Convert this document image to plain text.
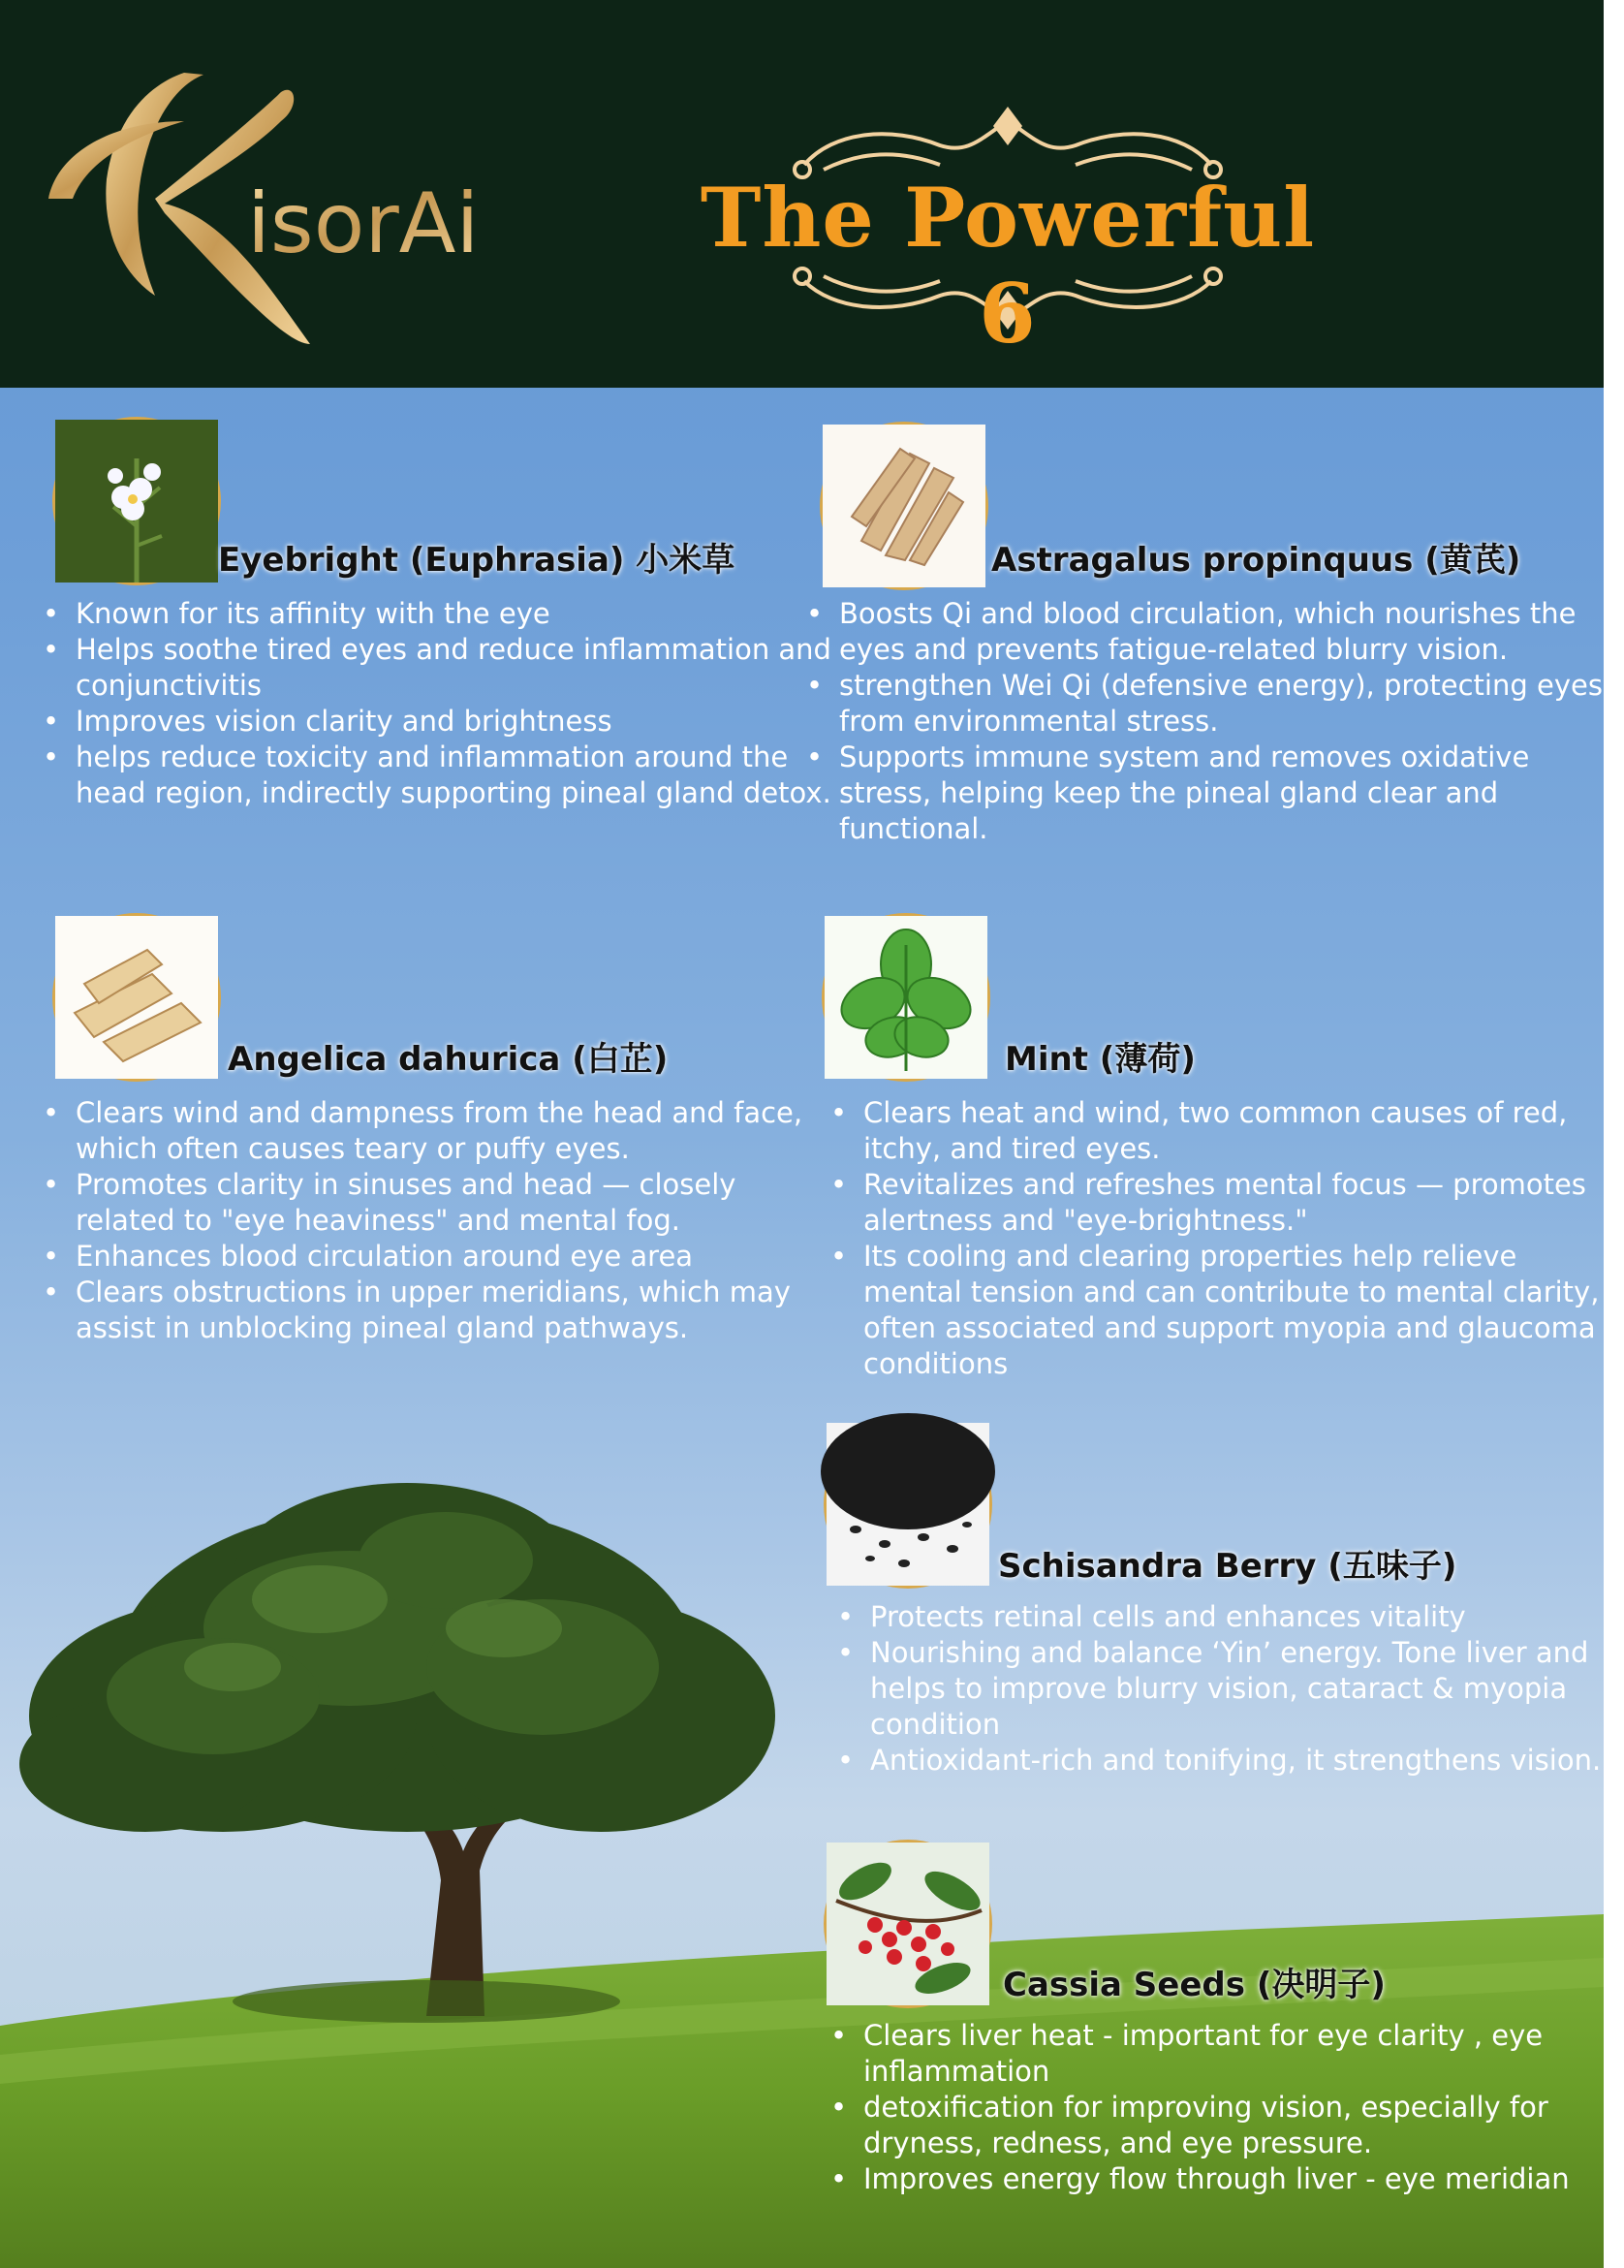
isorAi	The Powerful 6
Eyebright (Euphrasia) 小米草
• Known for its affinity with the eye
• Helps soothe tired eyes and reduce inflammation and conjunctivitis
• Improves vision clarity and brightness
• helps reduce toxicity and inflammation around the head region, indirectly supporting pineal gland detox.
Astragalus propinquus (黄芪)
• Boosts Qi and blood circulation, which nourishes the eyes and prevents fatigue-related blurry vision.
• strengthen Wei Qi (defensive energy), protecting eyes from environmental stress.
• Supports immune system and removes oxidative stress, helping keep the pineal gland clear and functional.
Angelica dahurica (白芷)
• Clears wind and dampness from the head and face, which often causes teary or puffy eyes.
• Promotes clarity in sinuses and head — closely related to "eye heaviness" and mental fog.
• Enhances blood circulation around eye area
• Clears obstructions in upper meridians, which may assist in unblocking pineal gland pathways.
Mint (薄荷)
• Clears heat and wind, two common causes of red, itchy, and tired eyes.
• Revitalizes and refreshes mental focus — promotes alertness and "eye-brightness."
• Its cooling and clearing properties help relieve mental tension and can contribute to mental clarity, often associated and support myopia and glaucoma conditions
Schisandra Berry (五味子)
• Protects retinal cells and enhances vitality
• Nourishing and balance ‘Yin’ energy. Tone liver and helps to improve blurry vision, cataract & myopia condition
• Antioxidant-rich and tonifying, it strengthens vision.
Cassia Seeds (决明子)
• Clears liver heat - important for eye clarity , eye inflammation
• detoxification for improving vision, especially for dryness, redness, and eye pressure.
• Improves energy flow through liver - eye meridian
